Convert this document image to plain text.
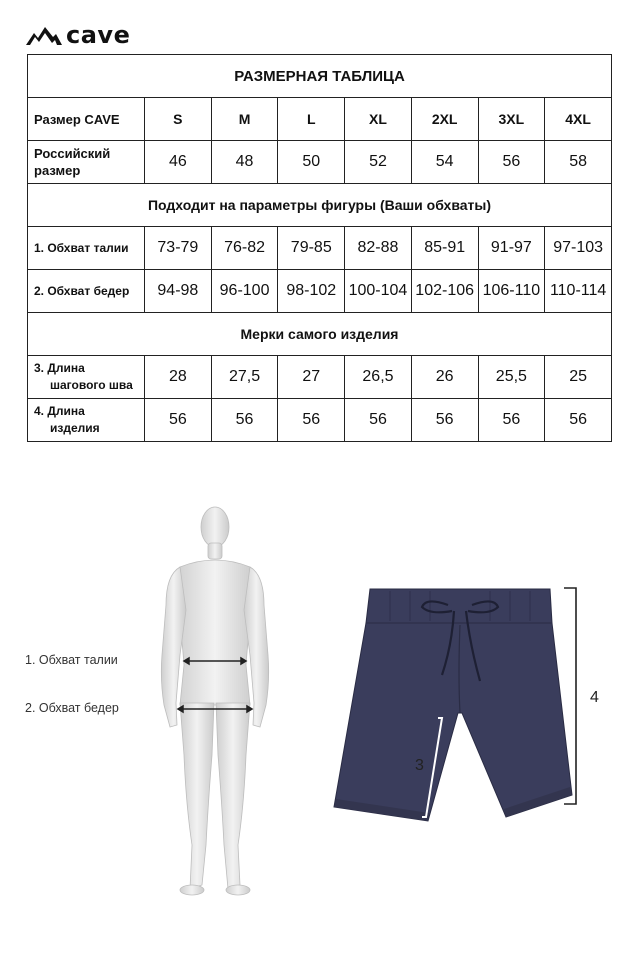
cave
РАЗМЕРНАЯ ТАБЛИЦА							
Размер CAVE	S	M	L	XL	2XL	3XL	4XL
Российский
размер	46	48	50	52	54	56	58
Подходит на параметры фигуры (Ваши обхваты)							
1. Обхват талии	73-79	76-82	79-85	82-88	85-91	91-97	97-103
2. Обхват бедер	94-98	96-100	98-102	100-104	102-106	106-110	110-114
Мерки самого изделия							
3. Длина
шагового шва	28	27,5	27	26,5	26	25,5	25
4. Длина
изделия	56	56	56	56	56	56	56
1. Обхват талии
2. Обхват бедер
3
4
